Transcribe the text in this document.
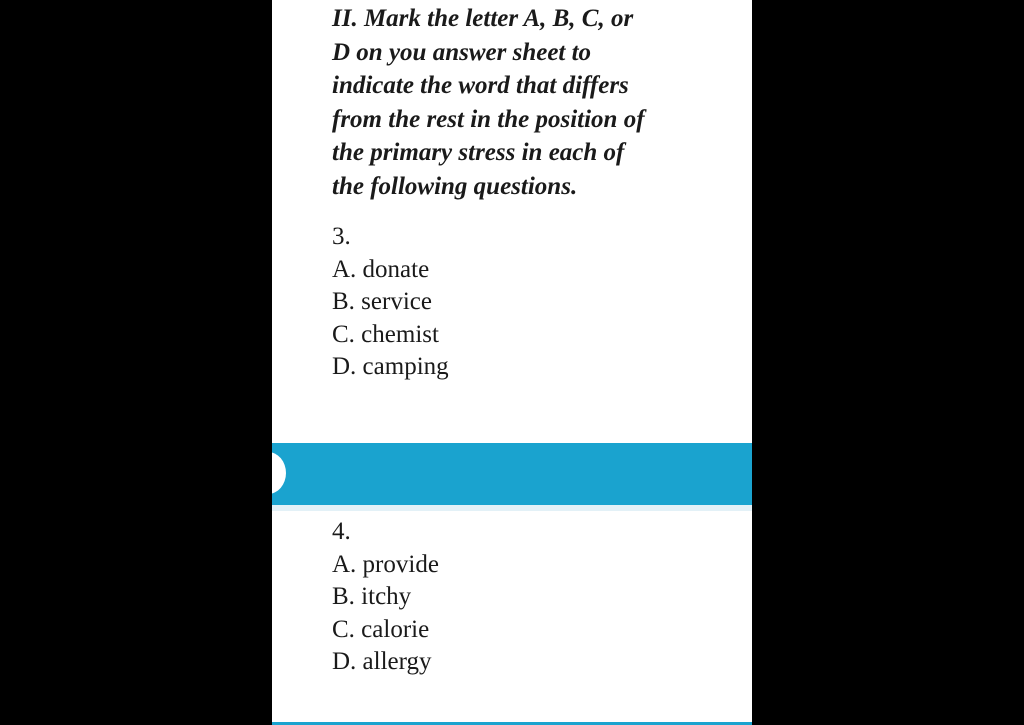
II. Mark the letter A, B, C, or
D on you answer sheet to
indicate the word that differs
from the rest in the position of
the primary stress in each of
the following questions.
3.
A. donate
B. service
C. chemist
D. camping
4.
A. provide
B. itchy
C. calorie
D. allergy
